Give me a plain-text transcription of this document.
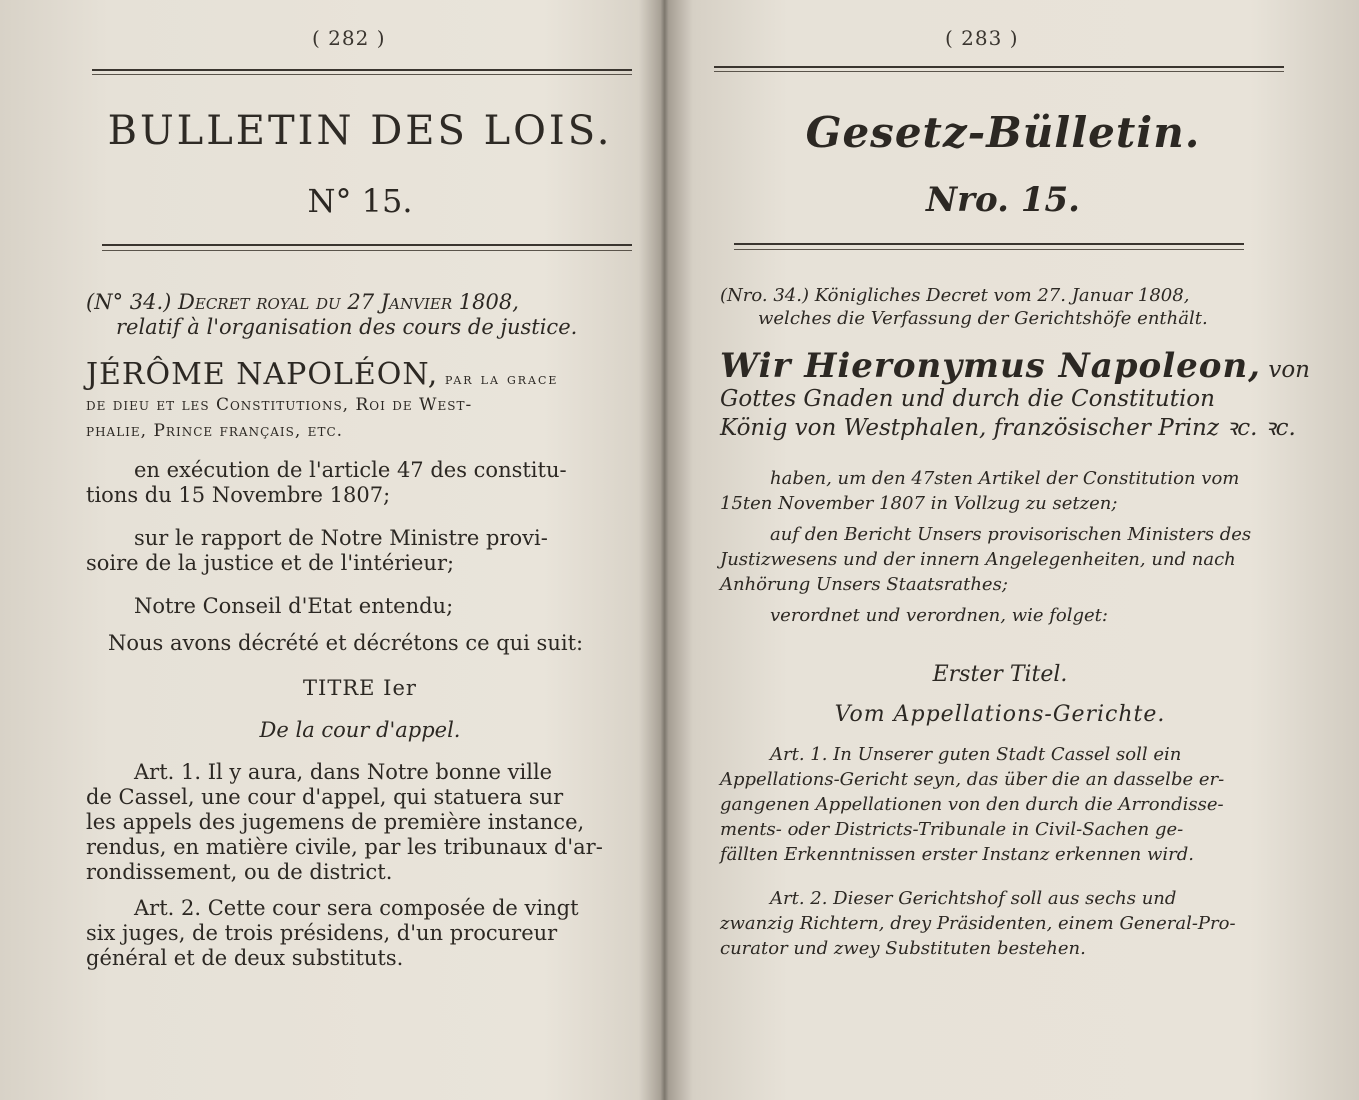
( 282 )
BULLETIN DES LOIS.
N° 15.
(N° 34.) Decret royal du 27 Janvier 1808,
relatif à l'organisation des cours de justice.
JÉRÔME NAPOLÉON, par la grace
de dieu et les Constitutions, Roi de West-
phalie, Prince français, etc.
en exécution de l'article 47 des constitu-
tions du 15 Novembre 1807;
sur le rapport de Notre Ministre provi-
soire de la justice et de l'intérieur;
Notre Conseil d'Etat entendu;
Nous avons décrété et décrétons ce qui suit:
TITRE Ier
De la cour d'appel.
Art. 1. Il y aura, dans Notre bonne ville
de Cassel, une cour d'appel, qui statuera sur
les appels des jugemens de première instance,
rendus, en matière civile, par les tribunaux d'ar-
rondissement, ou de district.
Art. 2. Cette cour sera composée de vingt
six juges, de trois présidens, d'un procureur
général et de deux substituts.
( 283 )
Gesetz-Bülletin.
Nro. 15.
(Nro. 34.) Königliches Decret vom 27. Januar 1808,
welches die Verfassung der Gerichtshöfe enthält.
Wir Hieronymus Napoleon, von
Gottes Gnaden und durch die Constitution
König von Westphalen, französischer Prinz ꝛc. ꝛc.
haben, um den 47sten Artikel der Constitution vom
15ten November 1807 in Vollzug zu setzen;
auf den Bericht Unsers provisorischen Ministers des
Justizwesens und der innern Angelegenheiten, und nach
Anhörung Unsers Staatsrathes;
verordnet und verordnen, wie folget:
Erster Titel.
Vom Appellations-Gerichte.
Art. 1. In Unserer guten Stadt Cassel soll ein
Appellations-Gericht seyn, das über die an dasselbe er-
gangenen Appellationen von den durch die Arrondisse-
ments- oder Districts-Tribunale in Civil-Sachen ge-
fällten Erkenntnissen erster Instanz erkennen wird.
Art. 2. Dieser Gerichtshof soll aus sechs und
zwanzig Richtern, drey Präsidenten, einem General-Pro-
curator und zwey Substituten bestehen.
